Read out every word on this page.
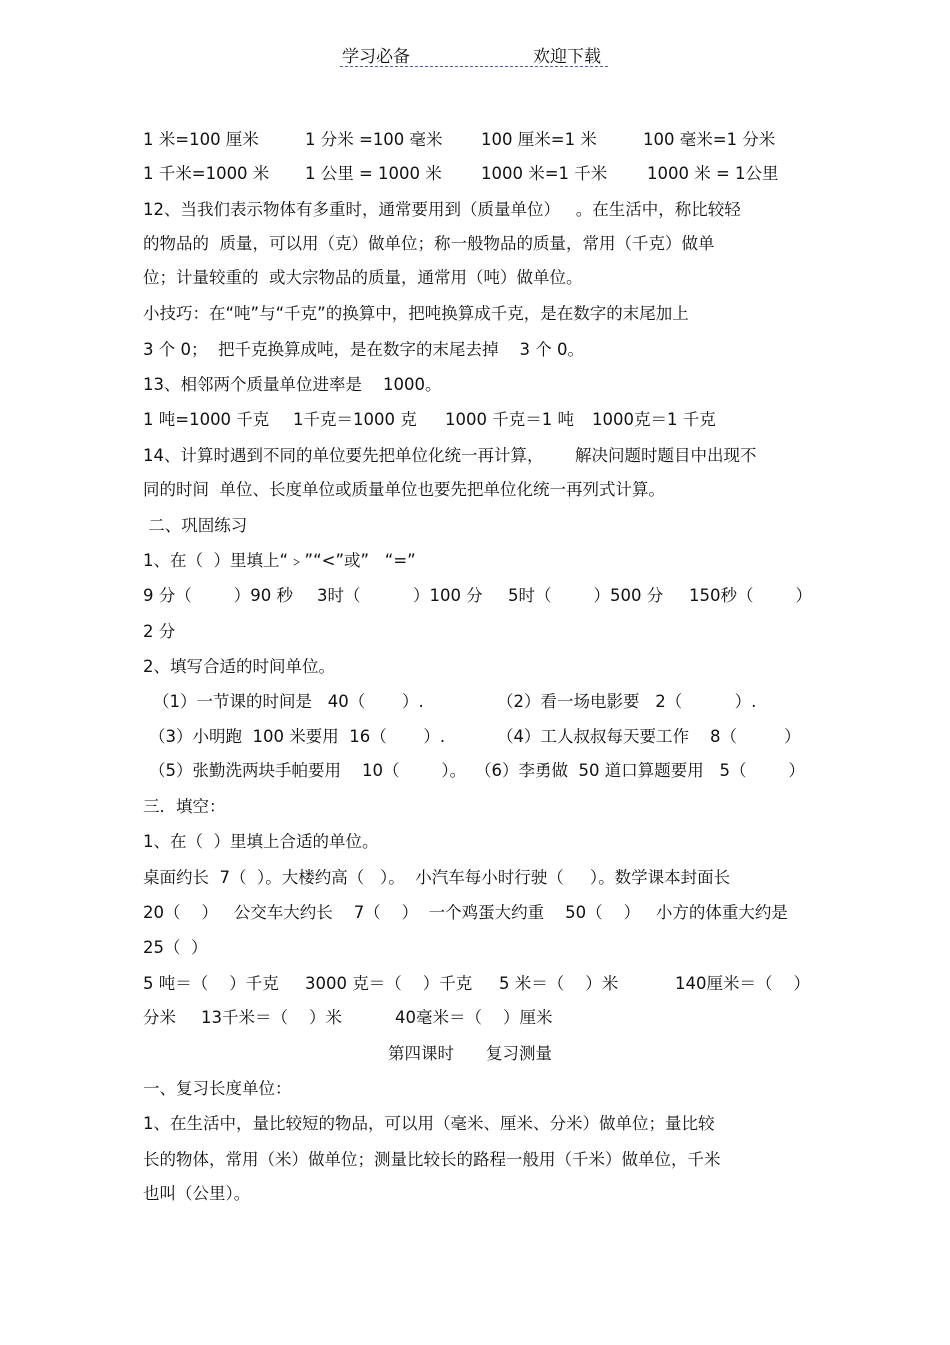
学习必备	欢迎下载
1 米=100 厘米	1 分米 =100 毫米 100 厘米=1 米	100 毫米=1 分米
1 千米=1000 米 1 公里 = 1000 米 1000 米=1 千米 1000 米 = 1公里
12、当我们表示物体有多重时，通常要用到（质量单位）   。在生活中，称比较轻
的物品的  质量，可以用（克）做单位；称一般物品的质量，常用（千克）做单
位；计量较重的  或大宗物品的质量，通常用（吨）做单位。
小技巧：在“吨”与“千克”的换算中，把吨换算成千克，是在数字的末尾加上
3 个 0；  把千克换算成吨，是在数字的末尾去掉    3 个 0。
13、相邻两个质量单位进率是    1000。
1 吨=1000 千克 1千克＝1000 克 1000 千克＝1 吨 1000克＝1 千克
14、计算时遇到不同的单位要先把单位化统一再计算，      解决问题时题目中出现不
同的时间  单位、长度单位或质量单位也要先把单位化统一再列式计算。
二、巩固练习
1、在（  ）里填上“﹥”“<”或”   “=”
9 分（        ）90 秒 3时（          ）100 分 5时（        ）500 分 150秒（        ）
2 分
2、填写合适的时间单位。
（1）一节课的时间是   40（       ）.	（2）看一场电影要   2（          ）.
（3）小明跑  100 米要用  16（       ）.	（4）工人叔叔每天要工作    8（         ）
（5）张勤洗两块手帕要用    10（        ）。 （6）李勇做  50 道口算题要用   5（        ）
三．填空：
1、在（  ）里填上合适的单位。
桌面约长  7（  ）。大楼约高（   ）。  小汽车每小时行驶（     ）。数学课本封面长
20（    ）   公交车大约长    7（    ）  一个鸡蛋大约重    50（    ）   小方的体重大约是
25（  ）
5 吨＝（    ）千克 3000 克＝（    ）千克 5 米＝（    ）米	140厘米＝（    ）
分米 13千米＝（    ）米	40毫米＝（    ）厘米
第四课时 复习测量
一、复习长度单位：
1、在生活中，量比较短的物品，可以用（毫米、厘米、分米）做单位；量比较
长的物体，常用（米）做单位；测量比较长的路程一般用（千米）做单位，千米
也叫（公里）。
